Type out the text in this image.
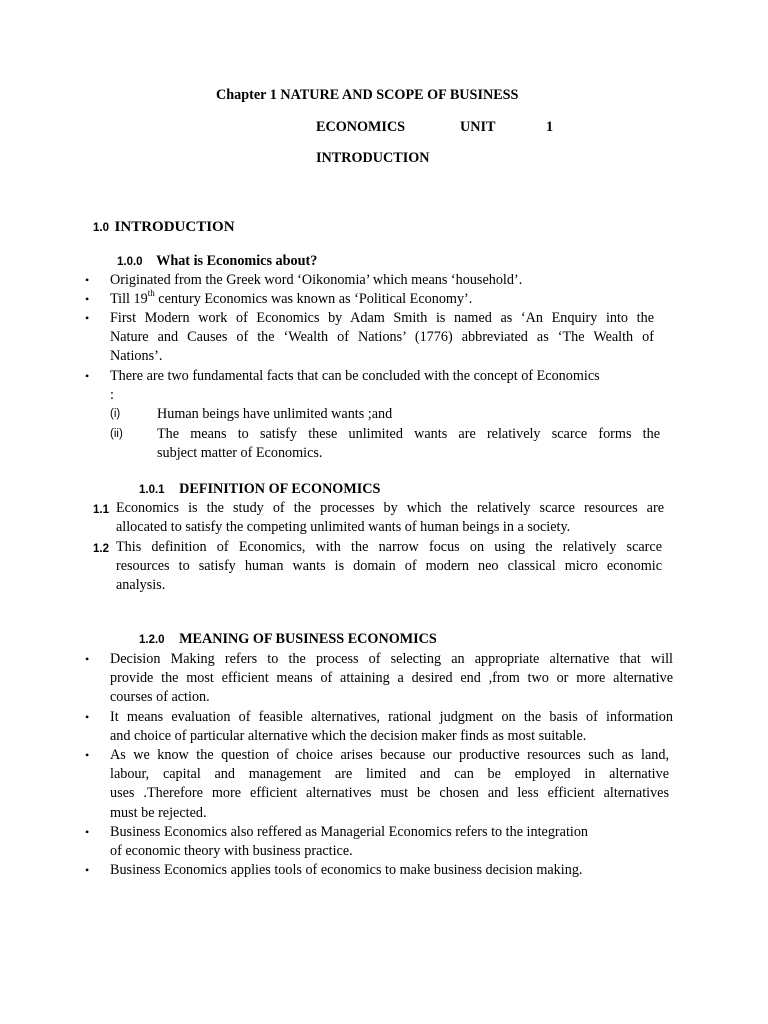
Chapter 1 NATURE AND SCOPE OF BUSINESS
ECONOMICS	UNIT	1
INTRODUCTION
1.0 INTRODUCTION
1.0.0 What is Economics about?
• Originated from the Greek word ‘Oikonomia’ which means ‘household’.
• Till 19th century Economics was known as ‘Political Economy’.
• First Modern work of Economics by Adam Smith is named as ‘An Enquiry into the
Nature and Causes of the ‘Wealth of Nations’ (1776) abbreviated as ‘The Wealth of
Nations’.
• There are two fundamental facts that can be concluded with the concept of Economics
:
(i)	Human beings have unlimited wants ;and
(ii) The means to satisfy these unlimited wants are relatively scarce forms the
subject matter of Economics.
1.0.1 DEFINITION OF ECONOMICS
1.1 Economics is the study of the processes by which the relatively scarce resources are
allocated to satisfy the competing unlimited wants of human beings in a society.
1.2 This definition of Economics, with the narrow focus on using the relatively scarce
resources to satisfy human wants is domain of modern neo classical micro economic
analysis.
1.2.0 MEANING OF BUSINESS ECONOMICS
• Decision Making refers to the process of selecting an appropriate alternative that will
provide the most efficient means of attaining a desired end ,from two or more alternative
courses of action.
• It means evaluation of feasible alternatives, rational judgment on the basis of information
and choice of particular alternative which the decision maker finds as most suitable.
• As we know the question of choice arises because our productive resources such as land,
labour, capital and management are limited and can be employed in alternative
uses .Therefore more efficient alternatives must be chosen and less efficient alternatives
must be rejected.
• Business Economics also reffered as Managerial Economics refers to the integration
of economic theory with business practice.
• Business Economics applies tools of economics to make business decision making.
